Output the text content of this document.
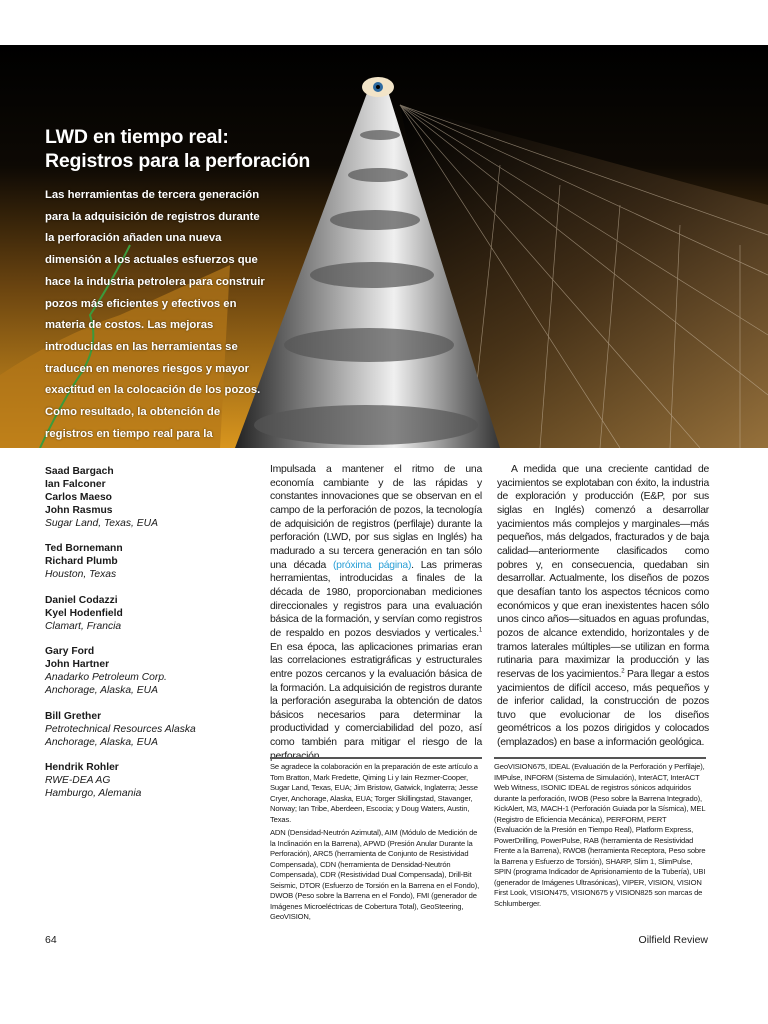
LWD en tiempo real:
Registros para la perforación

Las herramientas de tercera generación para la adquisición de registros durante la perforación añaden una nueva dimensión a los actuales esfuerzos que hace la industria petrolera para construir pozos más eficientes y efectivos en materia de costos. Las mejoras introducidas en las herramientas se traducen en menores riesgos y mayor exactitud en la colocación de los pozos. Como resultado, la obtención de registros en tiempo real para la

Saad Bargach
Ian Falconer
Carlos Maeso
John Rasmus
Sugar Land, Texas, EUA
Ted Bornemann
Richard Plumb
Houston, Texas
Daniel Codazzi
Kyel Hodenfield
Clamart, Francia
Gary Ford
John Hartner
Anadarko Petroleum Corp.
Anchorage, Alaska, EUA
Bill Grether
Petrotechnical Resources Alaska
Anchorage, Alaska, EUA
Hendrik Rohler
RWE-DEA AG
Hamburgo, Alemania

Impulsada a mantener el ritmo de una economía cambiante y de las rápidas y constantes innovaciones que se observan en el campo de la perforación de pozos, la tecnología de adquisición de registros (perfilaje) durante la perforación (LWD, por sus siglas en Inglés) ha madurado a su tercera generación en tan sólo una década (próxima página). Las primeras herramientas, introducidas a finales de la década de 1980, proporcionaban mediciones direccionales y registros para una evaluación básica de la formación, y servían como registros de respaldo en pozos desviados y verticales.$^1$ En esa época, las aplicaciones primarias eran las correlaciones estratigráficas y estructurales entre pozos cercanos y la evaluación básica de la formación. La adquisición de registros durante la perforación aseguraba la obtención de datos básicos necesarios para determinar la productividad y comerciabilidad del pozo, así como también para mitigar el riesgo de la perforación.

A medida que una creciente cantidad de yacimientos se explotaban con éxito, la industria de exploración y producción (E&P, por sus siglas en Inglés) comenzó a desarrollar yacimientos más complejos y marginales—más pequeños, más delgados, fracturados y de baja calidad—anteriormente clasificados como pobres y, en consecuencia, quedaban sin desarrollar. Actualmente, los diseños de pozos que desafían tanto los aspectos técnicos como económicos y que eran inexistentes hacen sólo unos cinco años—situados en aguas profundas, pozos de alcance extendido, horizontales y de tramos laterales múltiples—se utilizan en forma rutinaria para maximizar la producción y las reservas de los yacimientos.$^2$ Para llegar a estos yacimientos de difícil acceso, más pequeños y de inferior calidad, la construcción de pozos tuvo que evolucionar de los diseños geométricos a los pozos dirigidos y colocados (emplazados) en base a información geológica.

Se agradece la colaboración en la preparación de este artículo a Tom Bratton, Mark Fredette, Qiming Li y Iain Rezmer-Cooper, Sugar Land, Texas, EUA; Jim Bristow, Gatwick, Inglaterra; Jesse Cryer, Anchorage, Alaska, EUA; Torger Skillingstad, Stavanger, Norway; Ian Tribe, Aberdeen, Escocia; y Doug Waters, Austin, Texas.

ADN (Densidad-Neutrón Azimutal), AIM (Módulo de Medición de la Inclinación en la Barrena), APWD (Presión Anular Durante la Perforación), ARC5 (herramienta de Conjunto de Resistividad Compensada), CDN (herramienta de Densidad-Neutrón Compensada), CDR (Resistividad Dual Compensada), Drill-Bit Seismic, DTOR (Esfuerzo de Torsión en la Barrena en el Fondo), DWOB (Peso sobre la Barrena en el Fondo), FMI (generador de Imágenes Microeléctricas de Cobertura Total), GeoSteering, GeoVISION,

GeoVISION675, IDEAL (Evaluación de la Perforación y Perfilaje), IMPulse, INFORM (Sistema de Simulación), InterACT, InterACT Web Witness, ISONIC IDEAL de registros sónicos adquiridos durante la perforación, IWOB (Peso sobre la Barrena Integrado), KickAlert, M3, MACH-1 (Perforación Guiada por la Sísmica), MEL (Registro de Eficiencia Mecánica), PERFORM, PERT (Evaluación de la Presión en Tiempo Real), Platform Express, PowerDrilling, PowerPulse, RAB (herramienta de Resistividad Frente a la Barrena), RWOB (herramienta Receptora, Peso sobre la Barrena y Esfuerzo de Torsión), SHARP, Slim 1, SlimPulse, SPIN (programa Indicador de Aprisionamiento de la Tubería), UBI (generador de Imágenes Ultrasónicas), VIPER, VISION, VISION First Look, VISION475, VISION675 y VISION825 son marcas de Schlumberger.

64	Oilfield Review
